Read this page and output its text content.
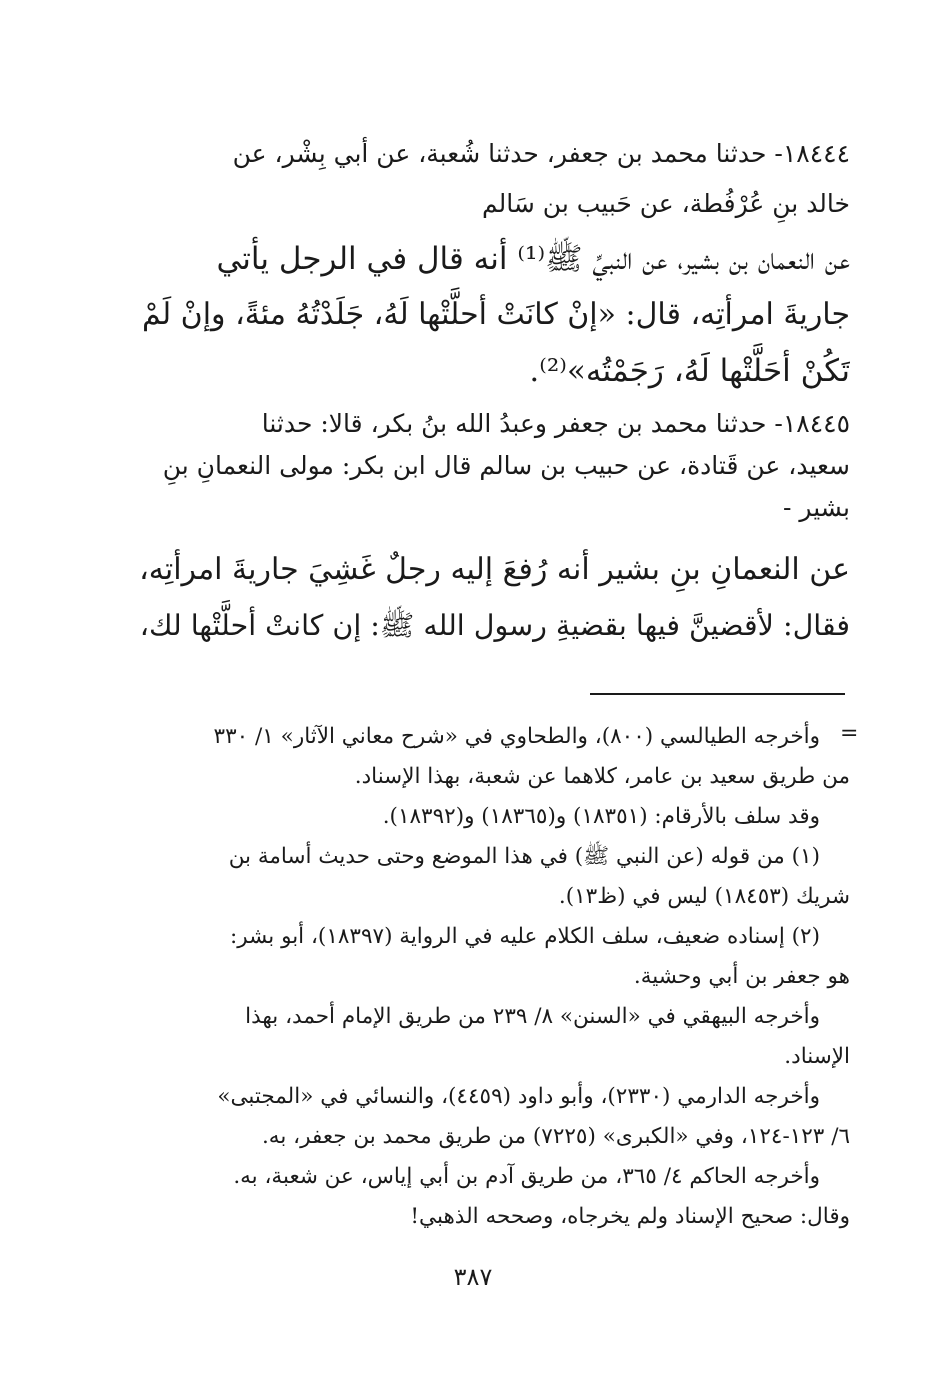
١٨٤٤٤- حدثنا محمد بن جعفر، حدثنا شُعبة، عن أبي بِشْر، عن
خالد بنِ عُرْفُطة، عن حَبيب بن سَالم
عن النعمان بن بشير، عن النبيِّ ﷺ⁽¹⁾ أنه قال في الرجل يأتي
جاريةَ امرأتِه، قال: «إنْ كانَتْ أحلَّتْها لَهُ، جَلَدْتُهُ مئةً، وإنْ لَمْ
تَكُنْ أحَلَّتْها لَهُ، رَجَمْتُه»⁽²⁾.
١٨٤٤٥- حدثنا محمد بن جعفر وعبدُ الله بنُ بكر، قالا: حدثنا
سعيد، عن قَتادة، عن حبيب بن سالم قال ابن بكر: مولى النعمانِ بنِ
بشير -
عن النعمانِ بنِ بشير أنه رُفعَ إليه رجلٌ غَشِيَ جاريةَ امرأتِه،
فقال: لأقضينَّ فيها بقضيةِ رسول الله ﷺ: إن كانتْ أحلَّتْها لك،
=
وأخرجه الطيالسي (٨٠٠)، والطحاوي في «شرح معاني الآثار» ١/ ٣٣٠
من طريق سعيد بن عامر، كلاهما عن شعبة، بهذا الإسناد.
وقد سلف بالأرقام: (١٨٣٥١) و(١٨٣٦٥) و(١٨٣٩٢).
(١) من قوله (عن النبي ﷺ) في هذا الموضع وحتى حديث أسامة بن
شريك (١٨٤٥٣) ليس في (ظ١٣).
(٢) إسناده ضعيف، سلف الكلام عليه في الرواية (١٨٣٩٧)، أبو بشر:
هو جعفر بن أبي وحشية.
وأخرجه البيهقي في «السنن» ٨/ ٢٣٩ من طريق الإمام أحمد، بهذا
الإسناد.
وأخرجه الدارمي (٢٣٣٠)، وأبو داود (٤٤٥٩)، والنسائي في «المجتبى»
٦/ ١٢٣-١٢٤، وفي «الكبرى» (٧٢٢٥) من طريق محمد بن جعفر، به.
وأخرجه الحاكم ٤/ ٣٦٥، من طريق آدم بن أبي إياس، عن شعبة، به.
وقال: صحيح الإسناد ولم يخرجاه، وصححه الذهبي!
٣٨٧
